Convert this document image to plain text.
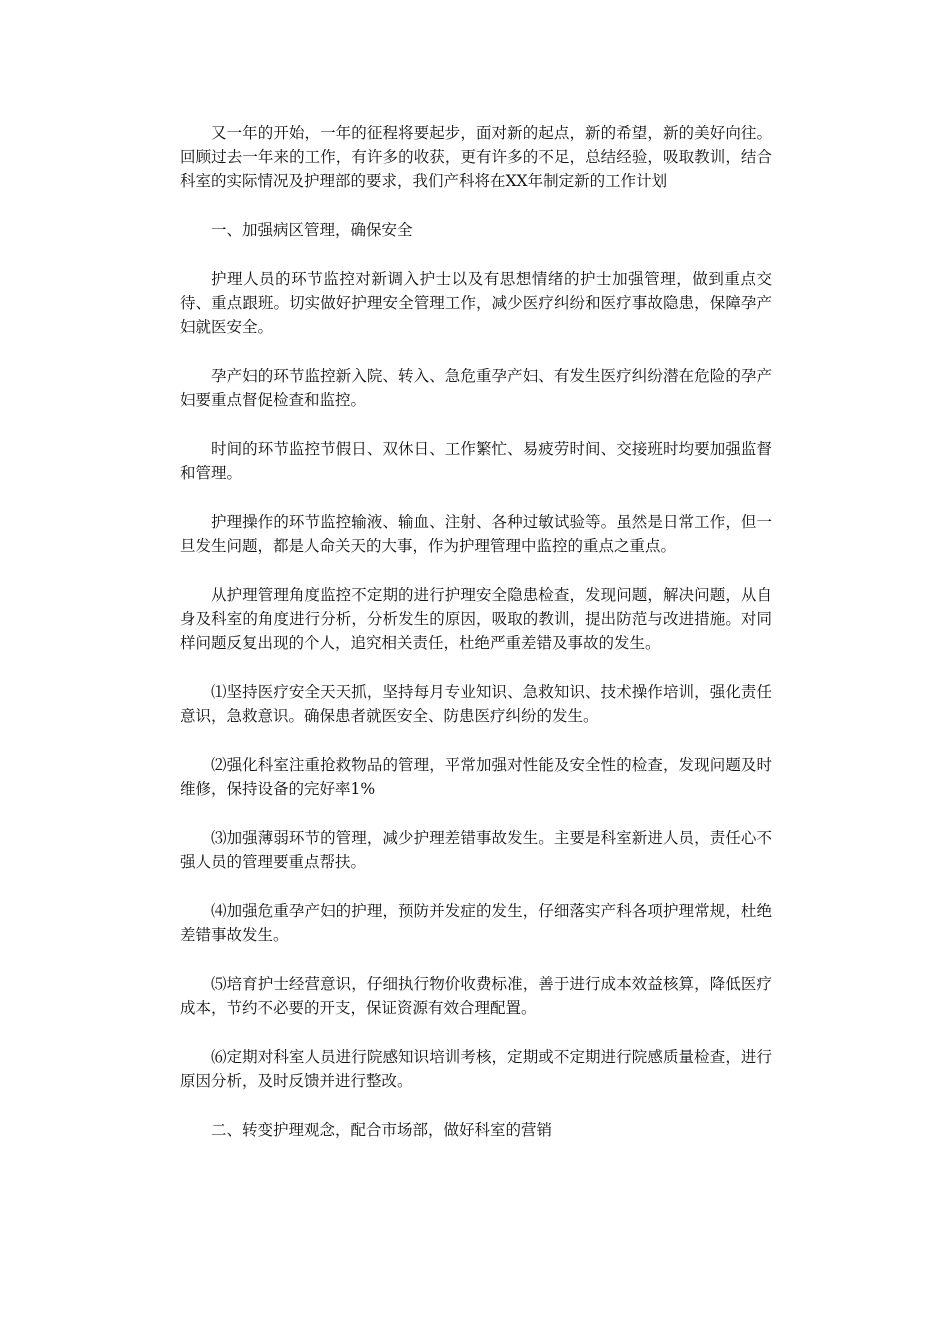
又一年的开始，一年的征程将要起步，面对新的起点，新的希望，新的美好向往。回顾过去一年来的工作，有许多的收获，更有许多的不足，总结经验，吸取教训，结合科室的实际情况及护理部的要求，我们产科将在XX年制定新的工作计划

一、加强病区管理，确保安全

护理人员的环节监控对新调入护士以及有思想情绪的护士加强管理，做到重点交待、重点跟班。切实做好护理安全管理工作，减少医疗纠纷和医疗事故隐患，保障孕产妇就医安全。

孕产妇的环节监控新入院、转入、急危重孕产妇、有发生医疗纠纷潜在危险的孕产妇要重点督促检查和监控。

时间的环节监控节假日、双休日、工作繁忙、易疲劳时间、交接班时均要加强监督和管理。

护理操作的环节监控输液、输血、注射、各种过敏试验等。虽然是日常工作，但一旦发生问题，都是人命关天的大事，作为护理管理中监控的重点之重点。

从护理管理角度监控不定期的进行护理安全隐患检查，发现问题，解决问题，从自身及科室的角度进行分析，分析发生的原因，吸取的教训，提出防范与改进措施。对同样问题反复出现的个人，追究相关责任，杜绝严重差错及事故的发生。

⑴坚持医疗安全天天抓，坚持每月专业知识、急救知识、技术操作培训，强化责任意识，急救意识。确保患者就医安全、防患医疗纠纷的发生。

⑵强化科室注重抢救物品的管理，平常加强对性能及安全性的检查，发现问题及时维修，保持设备的完好率1%

⑶加强薄弱环节的管理，减少护理差错事故发生。主要是科室新进人员，责任心不强人员的管理要重点帮扶。

⑷加强危重孕产妇的护理，预防并发症的发生，仔细落实产科各项护理常规，杜绝差错事故发生。

⑸培育护士经营意识，仔细执行物价收费标准，善于进行成本效益核算，降低医疗成本，节约不必要的开支，保证资源有效合理配置。

⑹定期对科室人员进行院感知识培训考核，定期或不定期进行院感质量检查，进行原因分析，及时反馈并进行整改。

二、转变护理观念，配合市场部，做好科室的营销
